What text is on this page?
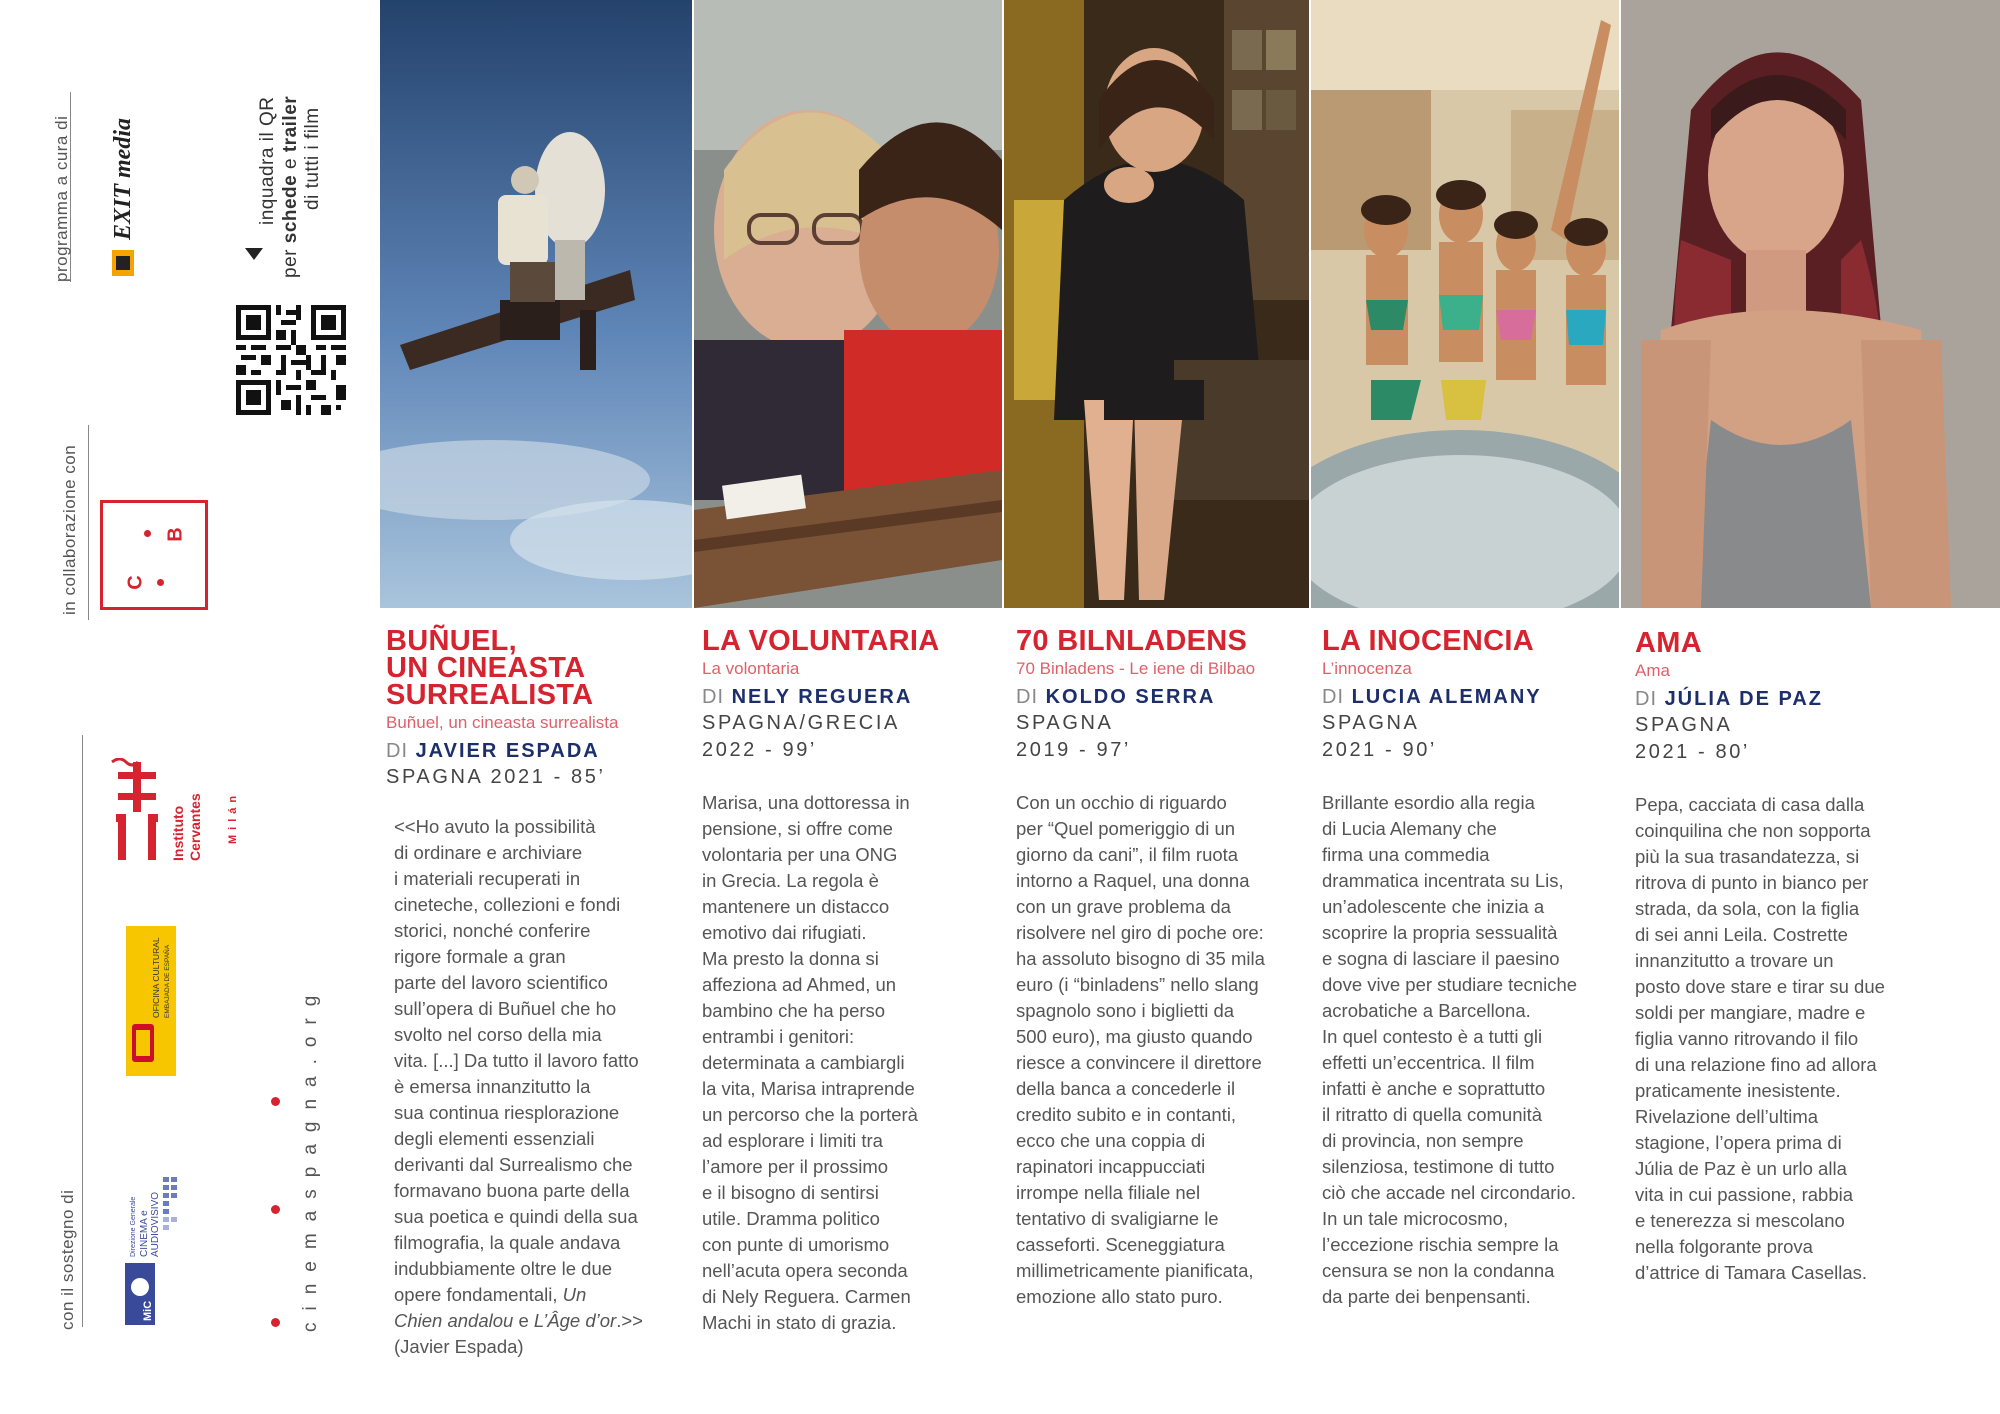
programma a cura di EXIT media
in collaborazione con C
B
inquadra il QR
per schede e trailer di tutti i film
con il sostegno di
Instituto Cervantes Milán
OFICINA CULTURAL EMBAJADA DE ESPAÑA
MiC
Direzione Generale CINEMA e AUDIOVISIVO	cinemaspagna.org
BUÑUEL,
UN CINEASTA
SURREALISTA
Buñuel, un cineasta surrealista
DI JAVIER ESPADA
SPAGNA 2021 - 85’
<<Ho avuto la possibilità
di ordinare e archiviare
i materiali recuperati in
cineteche, collezioni e fondi
storici, nonché conferire
rigore formale a gran
parte del lavoro scientifico
sull’opera di Buñuel che ho
svolto nel corso della mia
vita. [...] Da tutto il lavoro fatto
è emersa innanzitutto la
sua continua riesplorazione
degli elementi essenziali
derivanti dal Surrealismo che
formavano buona parte della
sua poetica e quindi della sua
filmografia, la quale andava
indubbiamente oltre le due
opere fondamentali, Un
Chien andalou e L’Âge d’or.>>
(Javier Espada)
LA VOLUNTARIA
La volontaria
DI NELY REGUERA
SPAGNA/GRECIA
2022 - 99’
Marisa, una dottoressa in
pensione, si offre come
volontaria per una ONG
in Grecia. La regola è
mantenere un distacco
emotivo dai rifugiati.
Ma presto la donna si
affeziona ad Ahmed, un
bambino che ha perso
entrambi i genitori:
determinata a cambiargli
la vita, Marisa intraprende
un percorso che la porterà
ad esplorare i limiti tra
l’amore per il prossimo
e il bisogno di sentirsi
utile. Dramma politico
con punte di umorismo
nell’acuta opera seconda
di Nely Reguera. Carmen
Machi in stato di grazia.
70 BILNLADENS
70 Binladens - Le iene di Bilbao
DI KOLDO SERRA
SPAGNA
2019 - 97’
Con un occhio di riguardo
per “Quel pomeriggio di un
giorno da cani”, il film ruota
intorno a Raquel, una donna
con un grave problema da
risolvere nel giro di poche ore:
ha assoluto bisogno di 35 mila
euro (i “binladens” nello slang
spagnolo sono i biglietti da
500 euro), ma giusto quando
riesce a convincere il direttore
della banca a concederle il
credito subito e in contanti,
ecco che una coppia di
rapinatori incappucciati
irrompe nella filiale nel
tentativo di svaligiarne le
casseforti. Sceneggiatura
millimetricamente pianificata,
emozione allo stato puro.
LA INOCENCIA
L’innocenza
DI LUCIA ALEMANY
SPAGNA
2021 - 90’
Brillante esordio alla regia
di Lucia Alemany che
firma una commedia
drammatica incentrata su Lis,
un’adolescente che inizia a
scoprire la propria sessualità
e sogna di lasciare il paesino
dove vive per studiare tecniche
acrobatiche a Barcellona.
In quel contesto è a tutti gli
effetti un’eccentrica. Il film
infatti è anche e soprattutto
il ritratto di quella comunità
di provincia, non sempre
silenziosa, testimone di tutto
ciò che accade nel circondario.
In un tale microcosmo,
l’eccezione rischia sempre la
censura se non la condanna
da parte dei benpensanti.
AMA
Ama
DI JÚLIA DE PAZ
SPAGNA
2021 - 80’
Pepa, cacciata di casa dalla
coinquilina che non sopporta
più la sua trasandatezza, si
ritrova di punto in bianco per
strada, da sola, con la figlia
di sei anni Leila. Costrette
innanzitutto a trovare un
posto dove stare e tirar su due
soldi per mangiare, madre e
figlia vanno ritrovando il filo
di una relazione fino ad allora
praticamente inesistente.
Rivelazione dell’ultima
stagione, l’opera prima di
Júlia de Paz è un urlo alla
vita in cui passione, rabbia
e tenerezza si mescolano
nella folgorante prova
d’attrice di Tamara Casellas.
